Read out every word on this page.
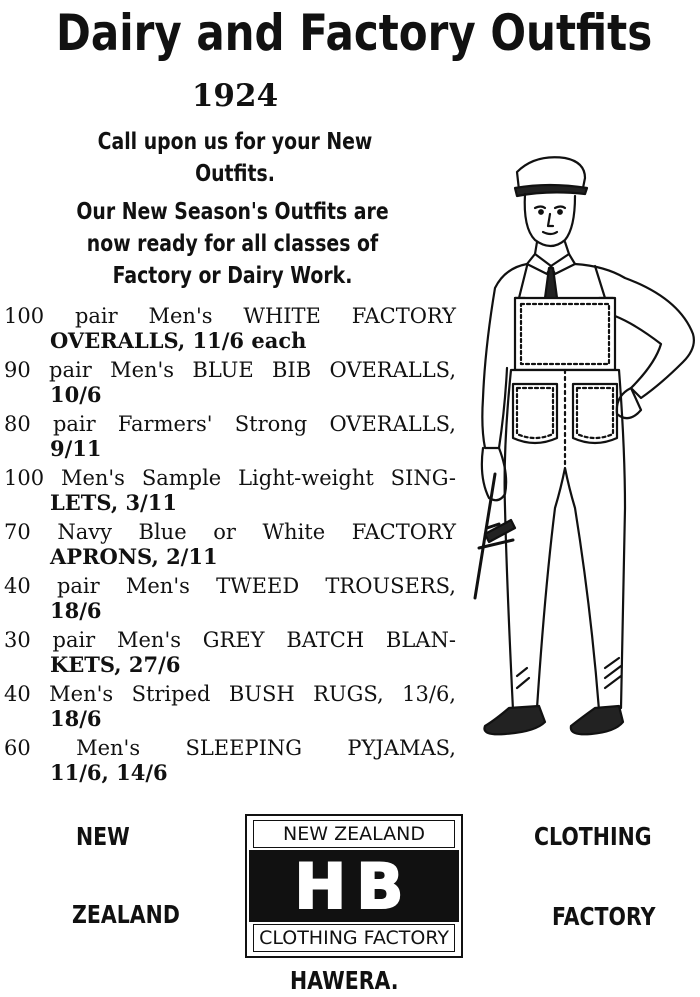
Dairy and Factory Outfits
1924
Call upon us for your New
Outfits.
Our New Season's Outfits are
now ready for all classes of
Factory or Dairy Work.
100 pair Men's WHITE FACTORY
OVERALLS, 11/6 each
90 pair Men's BLUE BIB OVERALLS,
10/6
80 pair Farmers' Strong OVERALLS,
9/11
100 Men's Sample Light-weight SING-
LETS, 3/11
70 Navy Blue or White FACTORY
APRONS, 2/11
40 pair Men's TWEED TROUSERS,
18/6
30 pair Men's GREY BATCH BLAN-
KETS, 27/6
40 Men's Striped BUSH RUGS, 13/6,
18/6
60 Men's SLEEPING PYJAMAS,
11/6, 14/6
NEW
ZEALAND
CLOTHING
FACTORY
HAWERA.
NEW ZEALAND
HB
CLOTHING FACTORY
